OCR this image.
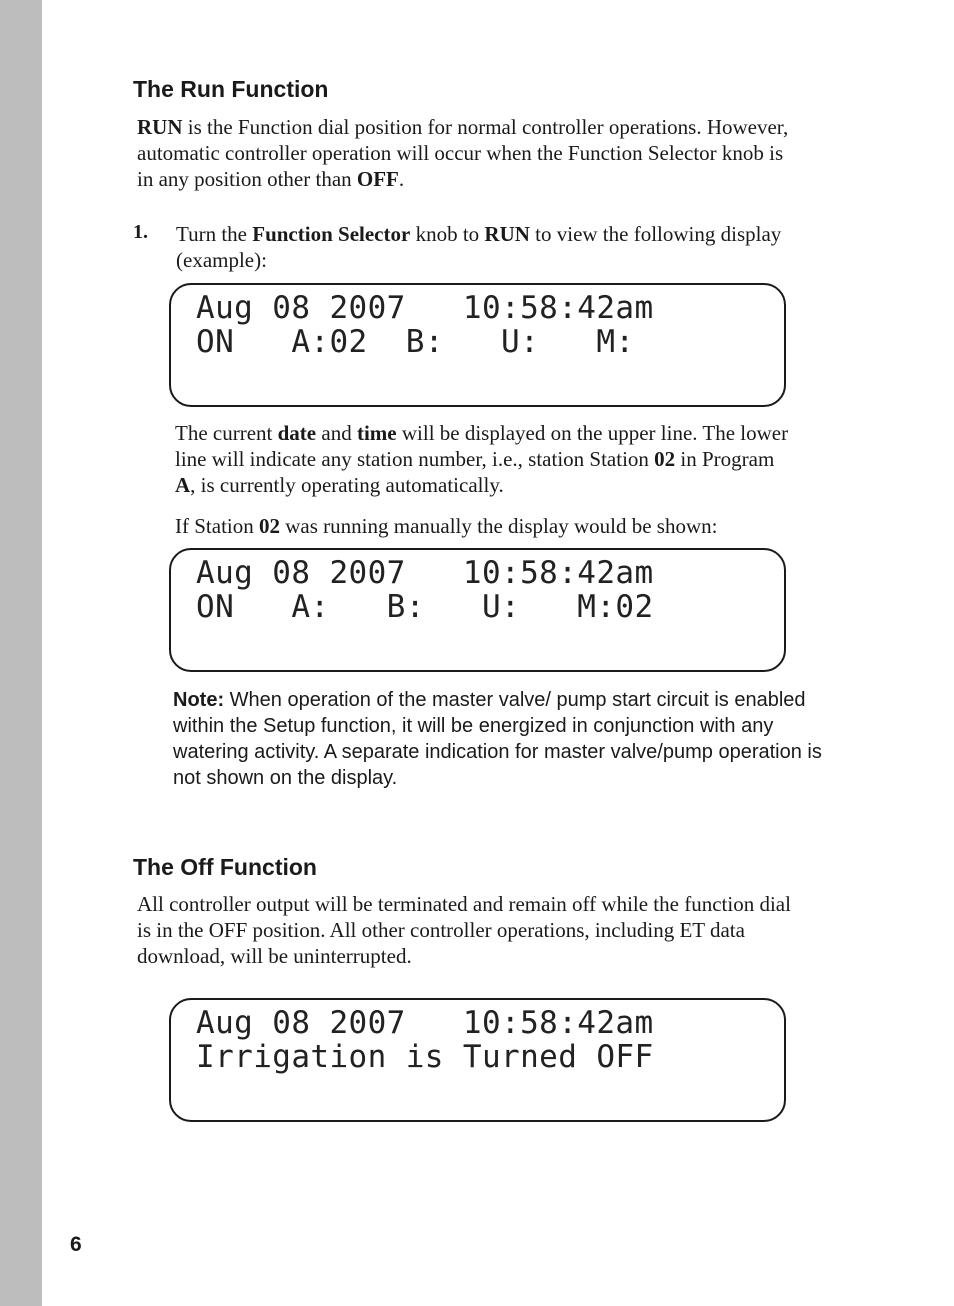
The Run Function

RUN is the Function dial position for normal controller operations. However, automatic controller operation will occur when the Function Selector knob is in any position other than OFF.

1. Turn the Function Selector knob to RUN to view the following display (example):

Aug 08 2007   10:58:42am
ON   A:02  B:   U:   M:

The current date and time will be displayed on the upper line. The lower line will indicate any station number, i.e., station Station 02 in Program A, is currently operating automatically.

If Station 02 was running manually the display would be shown:

Aug 08 2007   10:58:42am
ON   A:   B:   U:   M:02

Note: When operation of the master valve/ pump start circuit is enabled within the Setup function, it will be energized in conjunction with any watering activity. A separate indication for master valve/pump operation is not shown on the display.

The Off Function

All controller output will be terminated and remain off while the function dial is in the OFF position. All other controller operations, including ET data download, will be uninterrupted.

Aug 08 2007   10:58:42am
Irrigation is Turned OFF
6
